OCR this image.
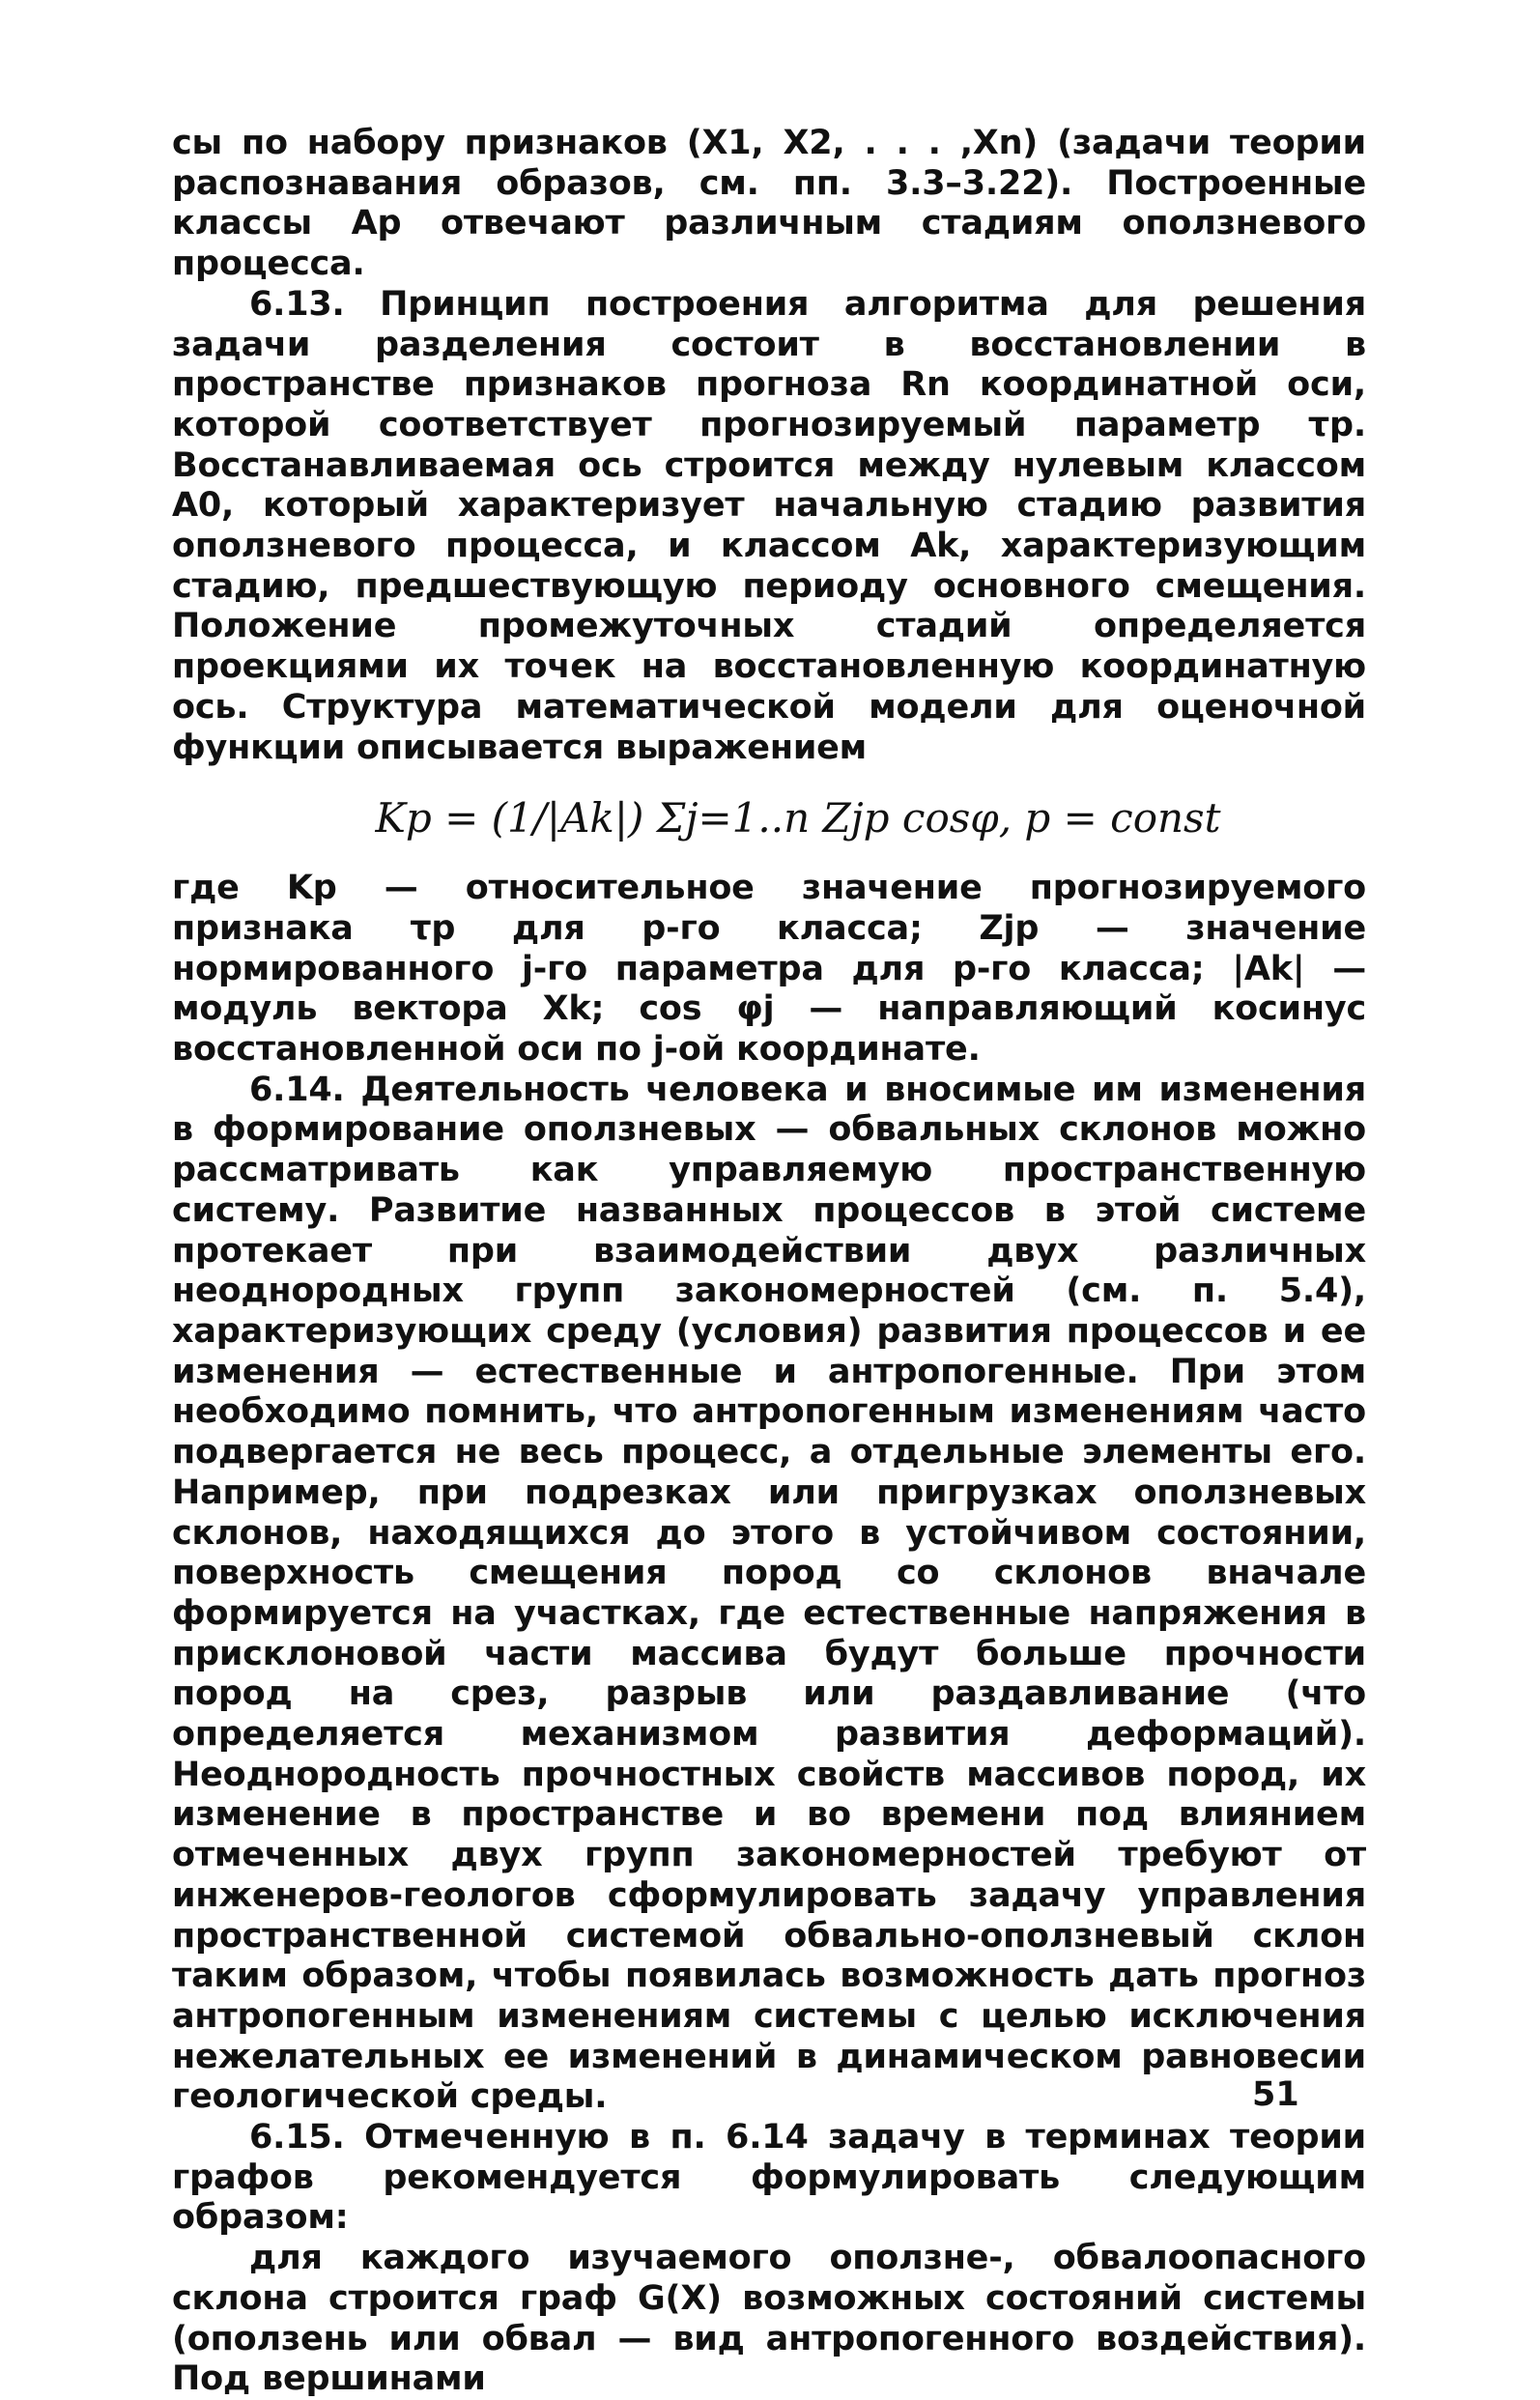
сы по набору признаков (X1, X2, . . . ,Xn) (задачи теории распознавания образов, см. пп. 3.3–3.22). Построенные классы Ap отвечают различным стадиям оползневого процесса.

6.13. Принцип построения алгоритма для решения задачи разделения состоит в восстановлении в пространстве признаков прогноза Rn координатной оси, которой соответствует прогнозируемый параметр τp. Восстанавливаемая ось строится между нулевым классом A0, который характеризует начальную стадию развития оползневого процесса, и классом Ak, характеризующим стадию, предшествующую периоду основного смещения. Положение промежуточных стадий определяется проекциями их точек на восстановленную координатную ось. Структура математической модели для оценочной функции описывается выражением

Kp = (1/|Ak|) Σj=1..n Zjp cosφ, p = const

где Kp — относительное значение прогнозируемого признака τp для p-го класса; Zjp — значение нормированного j-го параметра для p-го класса; |Ak| — модуль вектора Xk; cos φj — направляющий косинус восстановленной оси по j-ой координате.

6.14. Деятельность человека и вносимые им изменения в формирование оползневых — обвальных склонов можно рассматривать как управляемую пространственную систему. Развитие названных процессов в этой системе протекает при взаимодействии двух различных неоднородных групп закономерностей (см. п. 5.4), характеризующих среду (условия) развития процессов и ее изменения — естественные и антропогенные. При этом необходимо помнить, что антропогенным изменениям часто подвергается не весь процесс, а отдельные элементы его. Например, при подрезках или пригрузках оползневых склонов, находящихся до этого в устойчивом состоянии, поверхность смещения пород со склонов вначале формируется на участках, где естественные напряжения в присклоновой части массива будут больше прочности пород на срез, разрыв или раздавливание (что определяется механизмом развития деформаций). Неоднородность прочностных свойств массивов пород, их изменение в пространстве и во времени под влиянием отмеченных двух групп закономерностей требуют от инженеров-геологов сформулировать задачу управления пространственной системой обвально-оползневый склон таким образом, чтобы появилась возможность дать прогноз антропогенным изменениям системы с целью исключения нежелательных ее изменений в динамическом равновесии геологической среды.

6.15. Отмеченную в п. 6.14 задачу в терминах теории графов рекомендуется формулировать следующим образом:

для каждого изучаемого оползне-, обвалоопасного склона строится граф G(X) возможных состояний системы (оползень или обвал — вид антропогенного воздействия). Под вершинами

51
